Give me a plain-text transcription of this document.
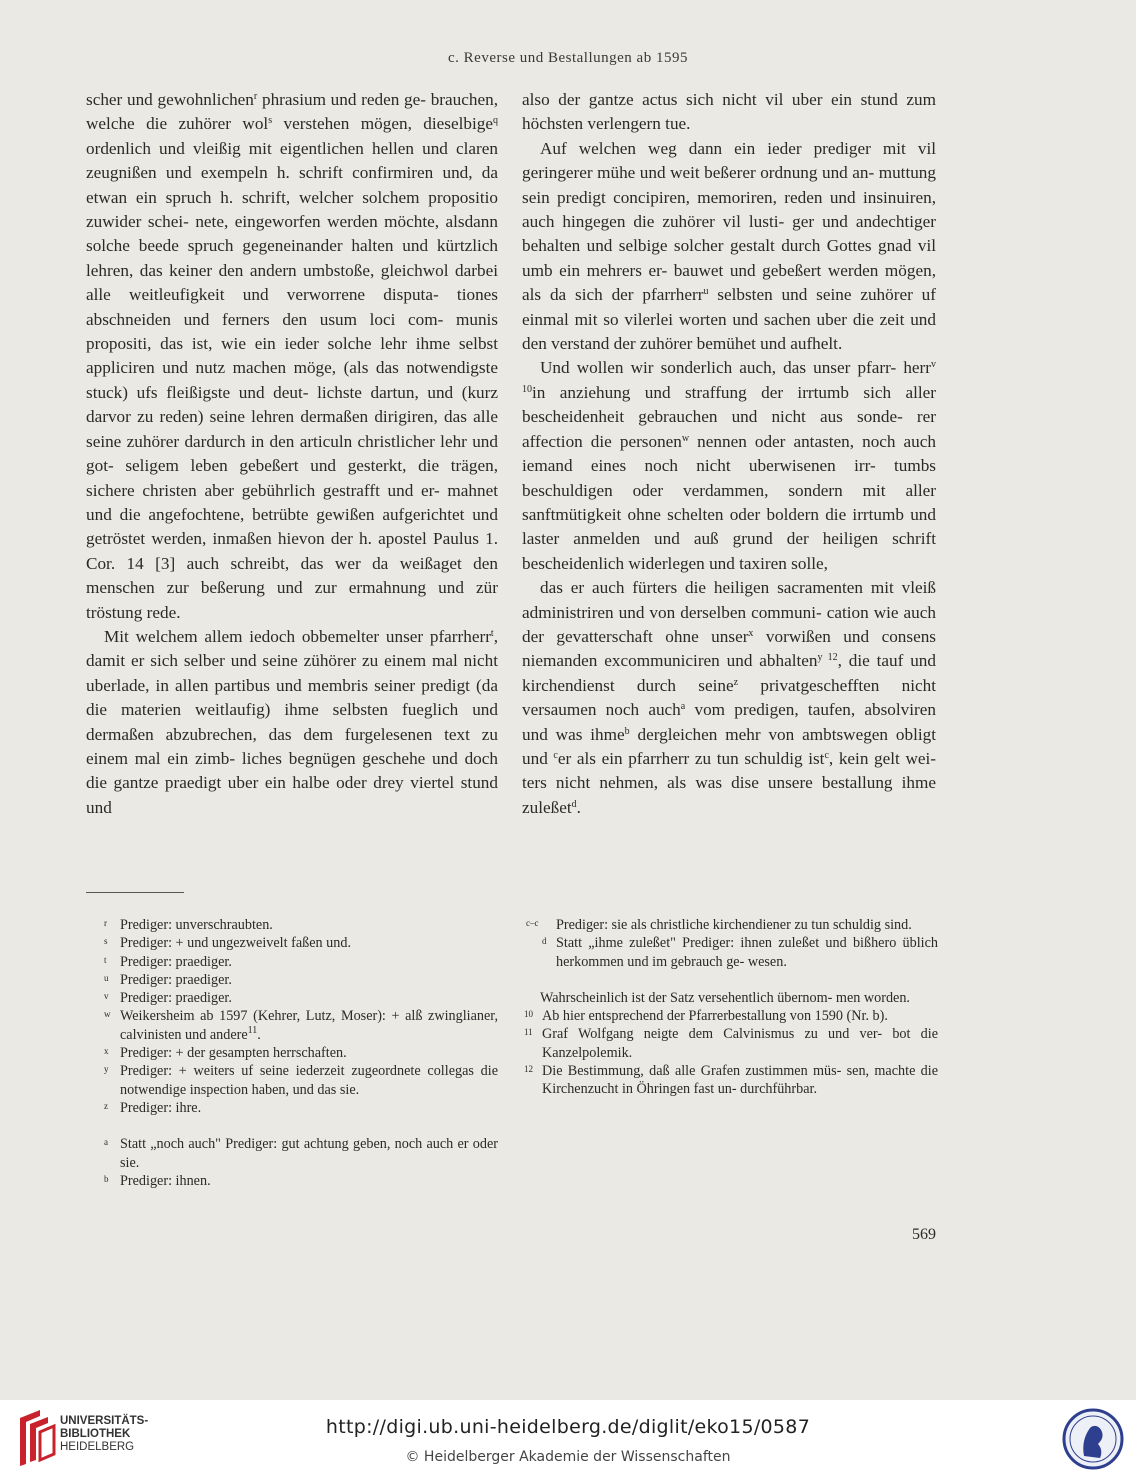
c. Reverse und Bestallungen ab 1595

scher und gewohnlichen$^r$ phrasium und reden ge- brauchen, welche die zuhörer wol$^s$ verstehen mögen, dieselbige$^q$ ordenlich und vleißig mit eigentlichen hellen und claren zeugnißen und exempeln h. schrift confirmiren und, da etwan ein spruch h. schrift, welcher solchem propositio zuwider schei- nete, eingeworfen werden möchte, alsdann solche beede spruch gegeneinander halten und kürtzlich lehren, das keiner den andern umbstoße, gleichwol darbei alle weitleufigkeit und verworrene disputa- tiones abschneiden und ferners den usum loci com- munis propositi, das ist, wie ein ieder solche lehr ihme selbst appliciren und nutz machen möge, (als das notwendigste stuck) ufs fleißigste und deut- lichste dartun, und (kurz darvor zu reden) seine lehren dermaßen dirigiren, das alle seine zuhörer dardurch in den articuln christlicher lehr und got- seligem leben gebeßert und gesterkt, die trägen, sichere christen aber gebührlich gestrafft und er- mahnet und die angefochtene, betrübte gewißen aufgerichtet und getröstet werden, inmaßen hievon der h. apostel Paulus 1. Cor. 14 [3] auch schreibt, das wer da weißaget den menschen zur beßerung und zur ermahnung und zür tröstung rede.

Mit welchem allem iedoch obbemelter unser pfarrherr$^t$, damit er sich selber und seine zühörer zu einem mal nicht uberlade, in allen partibus und membris seiner predigt (da die materien weitlaufig) ihme selbsten fueglich und dermaßen abzubrechen, das dem furgelesenen text zu einem mal ein zimb- liches begnügen geschehe und doch die gantze praedigt uber ein halbe oder drey viertel stund und

also der gantze actus sich nicht vil uber ein stund zum höchsten verlengern tue.

Auf welchen weg dann ein ieder prediger mit vil geringerer mühe und weit beßerer ordnung und an- muttung sein predigt concipiren, memoriren, reden und insinuiren, auch hingegen die zuhörer vil lusti- ger und andechtiger behalten und selbige solcher gestalt durch Gottes gnad vil umb ein mehrers er- bauwet und gebeßert werden mögen, als da sich der pfarrherr$^u$ selbsten und seine zuhörer uf einmal mit so vilerlei worten und sachen uber die zeit und den verstand der zuhörer bemühet und aufhelt.

Und wollen wir sonderlich auch, das unser pfarr- herr$^{v 10}$in anziehung und straffung der irrtumb sich aller bescheidenheit gebrauchen und nicht aus sonde- rer affection die personen$^w$ nennen oder antasten, noch auch iemand eines noch nicht uberwisenen irr- tumbs beschuldigen oder verdammen, sondern mit aller sanftmütigkeit ohne schelten oder boldern die irrtumb und laster anmelden und auß grund der heiligen schrift bescheidenlich widerlegen und taxiren solle,

das er auch fürters die heiligen sacramenten mit vleiß administriren und von derselben communi- cation wie auch der gevatterschaft ohne unser$^x$ vorwißen und consens niemanden excommuniciren und abhalten$^{y 12}$, die tauf und kirchendienst durch seine$^z$ privatgeschefften nicht versaumen noch auch$^a$ vom predigen, taufen, absolviren und was ihme$^b$ dergleichen mehr von ambtswegen obligt und $^c$er als ein pfarrherr zu tun schuldig ist$^c$, kein gelt wei- ters nicht nehmen, als was dise unsere bestallung ihme zuleßet$^d$.

r Prediger: unverschraubten.
s Prediger: + und ungezweivelt faßen und.
t Prediger: praediger.
u Prediger: praediger.
v Prediger: praediger.
w Weikersheim ab 1597 (Kehrer, Lutz, Moser): + alß zwinglianer, calvinisten und andere$^{11}$.
x Prediger: + der gesampten herrschaften.
y Prediger: + weiters uf seine iederzeit zugeordnete collegas die notwendige inspection haben, und das sie.
z Prediger: ihre.
a Statt „noch auch" Prediger: gut achtung geben, noch auch er oder sie.
b Prediger: ihnen.
c–c Prediger: sie als christliche kirchendiener zu tun schuldig sind.
d Statt „ihme zuleßet" Prediger: ihnen zuleßet und bißhero üblich herkommen und im gebrauch ge- wesen.
Wahrscheinlich ist der Satz versehentlich übernom- men worden.
10 Ab hier entsprechend der Pfarrerbestallung von 1590 (Nr. b).
11 Graf Wolfgang neigte dem Calvinismus zu und ver- bot die Kanzelpolemik.
12 Die Bestimmung, daß alle Grafen zustimmen müs- sen, machte die Kirchenzucht in Öhringen fast un- durchführbar.
569
UNIVERSITÄTS-
BIBLIOTHEK
HEIDELBERG
http://digi.ub.uni-heidelberg.de/diglit/eko15/0587
© Heidelberger Akademie der Wissenschaften
